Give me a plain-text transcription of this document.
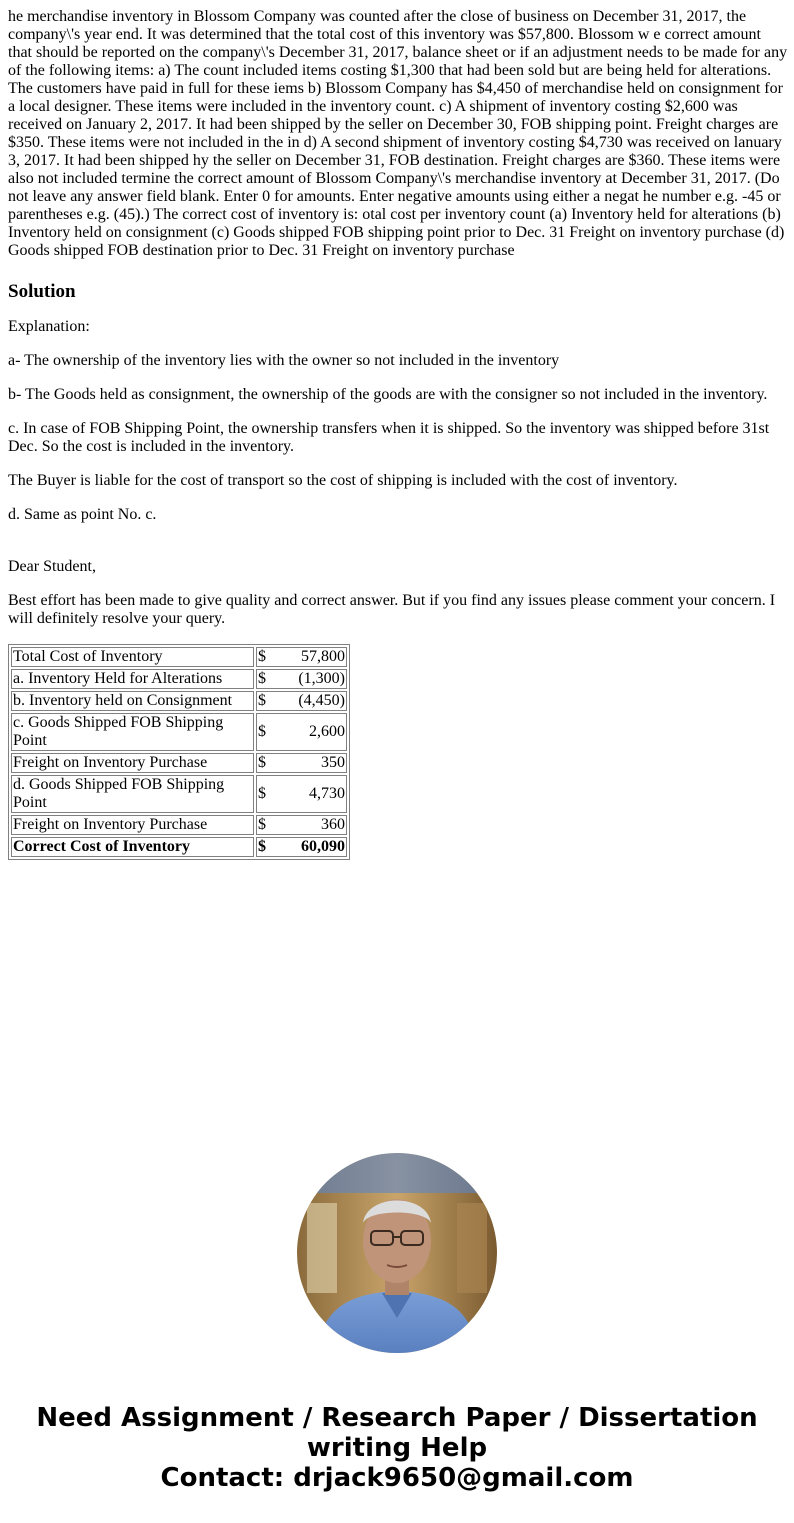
he merchandise inventory in Blossom Company was counted after the close of business on December 31, 2017, the company\'s year end. It was determined that the total cost of this inventory was $57,800. Blossom w e correct amount that should be reported on the company\'s December 31, 2017, balance sheet or if an adjustment needs to be made for any of the following items: a) The count included items costing $1,300 that had been sold but are being held for alterations. The customers have paid in full for these iems b) Blossom Company has $4,450 of merchandise held on consignment for a local designer. These items were included in the inventory count. c) A shipment of inventory costing $2,600 was received on January 2, 2017. It had been shipped by the seller on December 30, FOB shipping point. Freight charges are $350. These items were not included in the in d) A second shipment of inventory costing $4,730 was received on lanuary 3, 2017. It had been shipped hy the seller on December 31, FOB destination. Freight charges are $360. These items were also not included termine the correct amount of Blossom Company\'s merchandise inventory at December 31, 2017. (Do not leave any answer field blank. Enter 0 for amounts. Enter negative amounts using either a negat he number e.g. -45 or parentheses e.g. (45).) The correct cost of inventory is: otal cost per inventory count (a) Inventory held for alterations (b) Inventory held on consignment (c) Goods shipped FOB shipping point prior to Dec. 31 Freight on inventory purchase (d) Goods shipped FOB destination prior to Dec. 31 Freight on inventory purchase
Solution

Explanation:

a- The ownership of the inventory lies with the owner so not included in the inventory

b- The Goods held as consignment, the ownership of the goods are with the consigner so not included in the inventory.

c. In case of FOB Shipping Point, the ownership transfers when it is shipped. So the inventory was shipped before 31st Dec. So the cost is included in the inventory.

The Buyer is liable for the cost of transport so the cost of shipping is included with the cost of inventory.

d. Same as point No. c.

Dear Student,

Best effort has been made to give quality and correct answer. But if you find any issues please comment your concern. I will definitely resolve your query.

Total Cost of Inventory	$ 57,800

a. Inventory Held for Alterations	$ (1,300)

b. Inventory held on Consignment	$ (4,450)

c. Goods Shipped FOB Shipping Point	$ 2,600

Freight on Inventory Purchase	$ 350

d. Goods Shipped FOB Shipping Point	$ 4,730

Freight on Inventory Purchase	$ 360

Correct Cost of Inventory	$ 60,090
Need Assignment / Research Paper / Dissertation
writing Help
Contact: drjack9650@gmail.com
